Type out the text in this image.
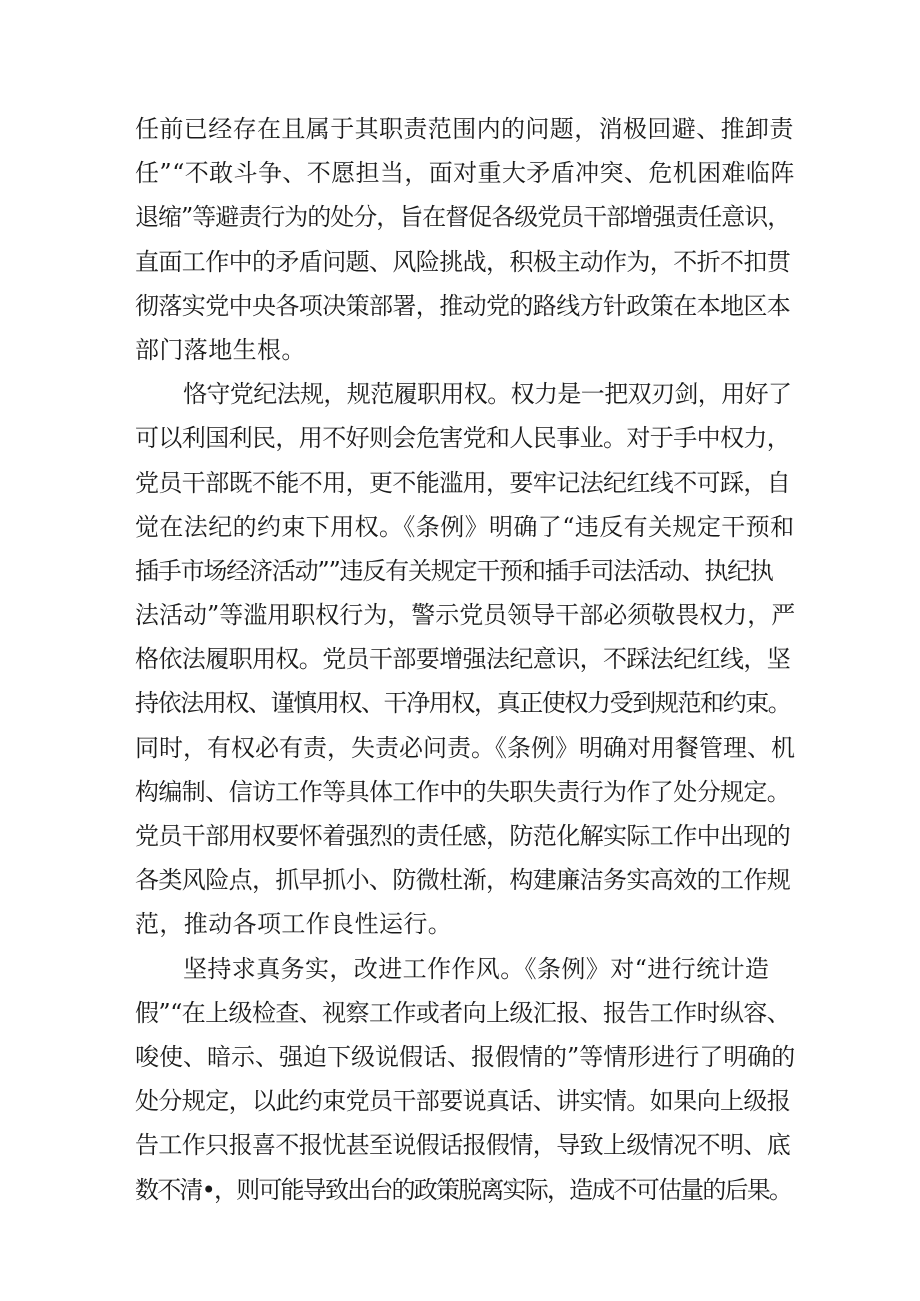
任前已经存在且属于其职责范围内的问题，消极回避、推卸责
任”“不敢斗争、不愿担当，面对重大矛盾冲突、危机困难临阵
退缩”等避责行为的处分，旨在督促各级党员干部增强责任意识，
直面工作中的矛盾问题、风险挑战，积极主动作为，不折不扣贯
彻落实党中央各项决策部署，推动党的路线方针政策在本地区本
部门落地生根。
恪守党纪法规，规范履职用权。权力是一把双刃剑，用好了
可以利国利民，用不好则会危害党和人民事业。对于手中权力，
党员干部既不能不用，更不能滥用，要牢记法纪红线不可踩，自
觉在法纪的约束下用权。《条例》明确了“违反有关规定干预和
插手市场经济活动””违反有关规定干预和插手司法活动、执纪执
法活动”等滥用职权行为，警示党员领导干部必须敬畏权力，严
格依法履职用权。党员干部要增强法纪意识，不踩法纪红线，坚
持依法用权、谨慎用权、干净用权，真正使权力受到规范和约束。
同时，有权必有责，失责必问责。《条例》明确对用餐管理、机
构编制、信访工作等具体工作中的失职失责行为作了处分规定。
党员干部用权要怀着强烈的责任感，防范化解实际工作中出现的
各类风险点，抓早抓小、防微杜渐，构建廉洁务实高效的工作规
范，推动各项工作良性运行。
坚持求真务实，改进工作作风。《条例》对“进行统计造
假”“在上级检查、视察工作或者向上级汇报、报告工作时纵容、
唆使、暗示、强迫下级说假话、报假情的”等情形进行了明确的
处分规定，以此约束党员干部要说真话、讲实情。如果向上级报
告工作只报喜不报忧甚至说假话报假情，导致上级情况不明、底
数不清•，则可能导致出台的政策脱离实际，造成不可估量的后果。
